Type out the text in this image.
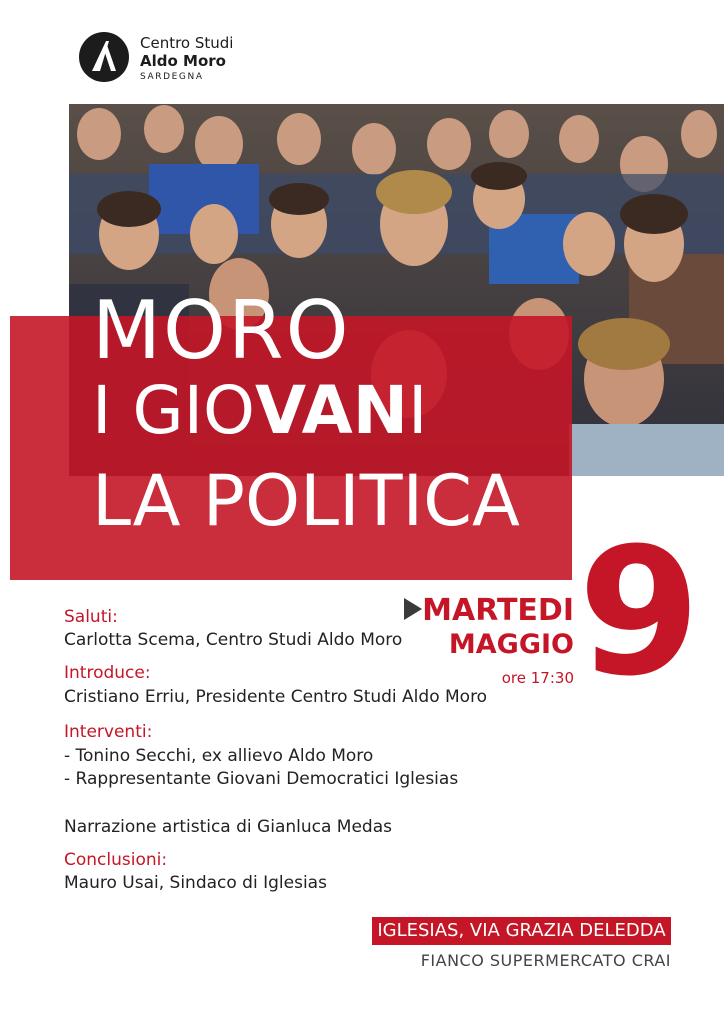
Centro Studi
Aldo Moro
SARDEGNA
MORO
I GIOVANI
LA POLITICA
MARTEDI
MAGGIO
ore 17:30 9
Saluti:
Carlotta Scema, Centro Studi Aldo Moro
Introduce:
Cristiano Erriu, Presidente Centro Studi Aldo Moro
Interventi:
- Tonino Secchi, ex allievo Aldo Moro
- Rappresentante Giovani Democratici Iglesias
Narrazione artistica di Gianluca Medas
Conclusioni:
Mauro Usai, Sindaco di Iglesias
IGLESIAS, VIA GRAZIA DELEDDA
FIANCO SUPERMERCATO CRAI
